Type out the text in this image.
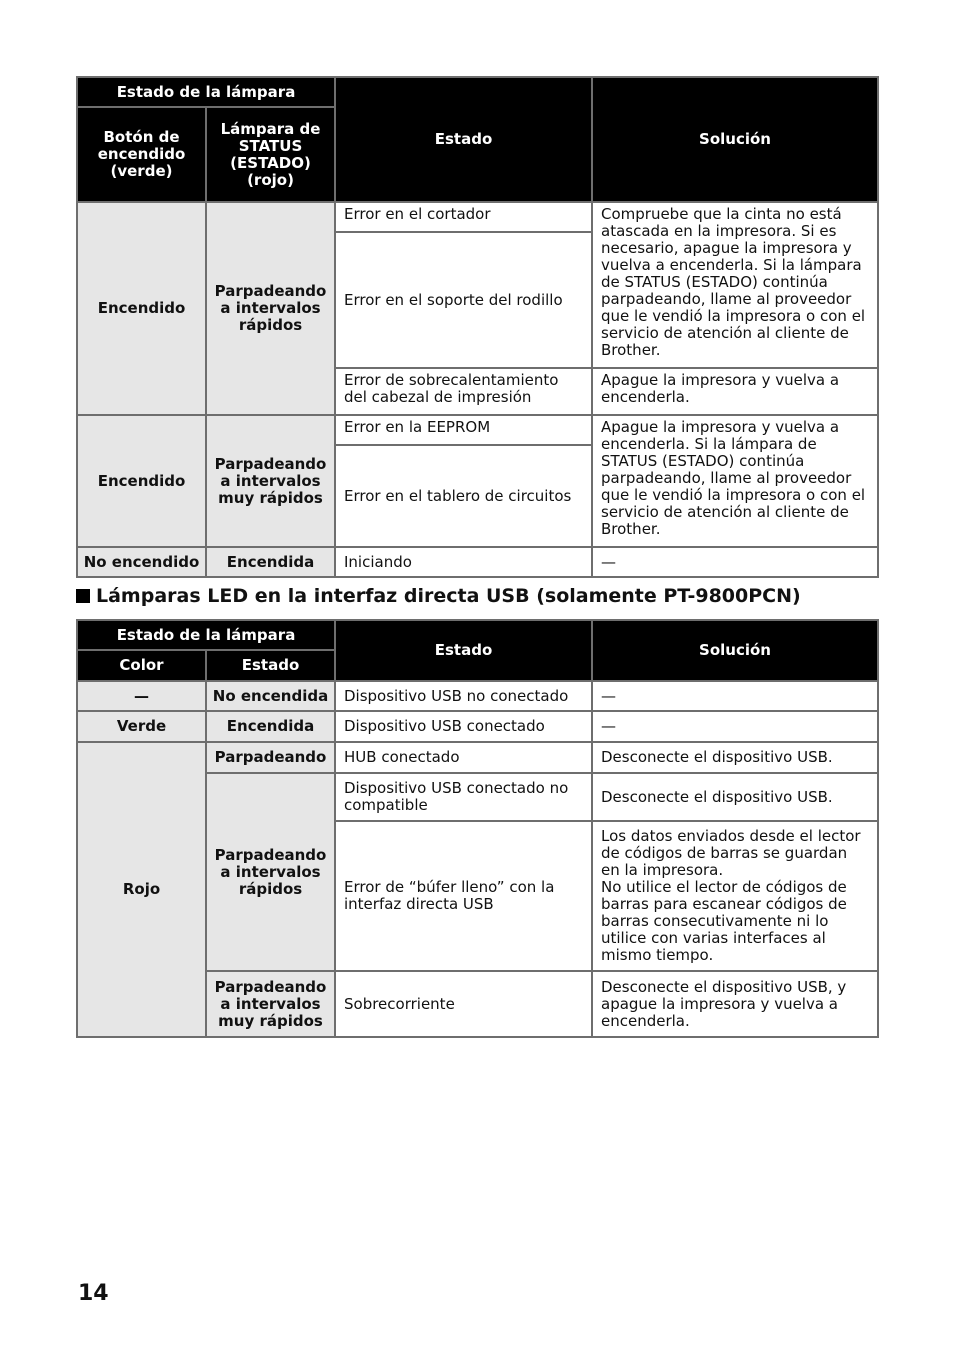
Estado de la lámpara		Estado	Solución
Botón de encendido (verde)	Lámpara de STATUS (ESTADO) (rojo)		
Encendido	Parpadeando a intervalos rápidos	Error en el cortador	Compruebe que la cinta no está atascada en la impresora. Si es necesario, apague la impresora y vuelva a encenderla. Si la lámpara de STATUS (ESTADO) continúa parpadeando, llame al proveedor que le vendió la impresora o con el servicio de atención al cliente de Brother.
		Error en el soporte del rodillo	
		Error de sobrecalentamiento del cabezal de impresión	Apague la impresora y vuelva a encenderla.
Encendido	Parpadeando a intervalos muy rápidos	Error en la EEPROM	Apague la impresora y vuelva a encenderla. Si la lámpara de STATUS (ESTADO) continúa parpadeando, llame al proveedor que le vendió la impresora o con el servicio de atención al cliente de Brother.
		Error en el tablero de circuitos	
No encendido	Encendida	Iniciando	—
Lámparas LED en la interfaz directa USB (solamente PT-9800PCN)
Estado de la lámpara		Estado	Solución
Color	Estado		
—	No encendida	Dispositivo USB no conectado	—
Verde	Encendida	Dispositivo USB conectado	—
Rojo	Parpadeando	HUB conectado	Desconecte el dispositivo USB.
	Parpadeando a intervalos rápidos	Dispositivo USB conectado no compatible	Desconecte el dispositivo USB.
		Error de “búfer lleno” con la interfaz directa USB	Los datos enviados desde el lector de códigos de barras se guardan en la impresora.
No utilice el lector de códigos de barras para escanear códigos de barras consecutivamente ni lo utilice con varias interfaces al mismo tiempo.

	Parpadeando a intervalos muy rápidos	Sobrecorriente	Desconecte el dispositivo USB, y apague la impresora y vuelva a encenderla.
14
